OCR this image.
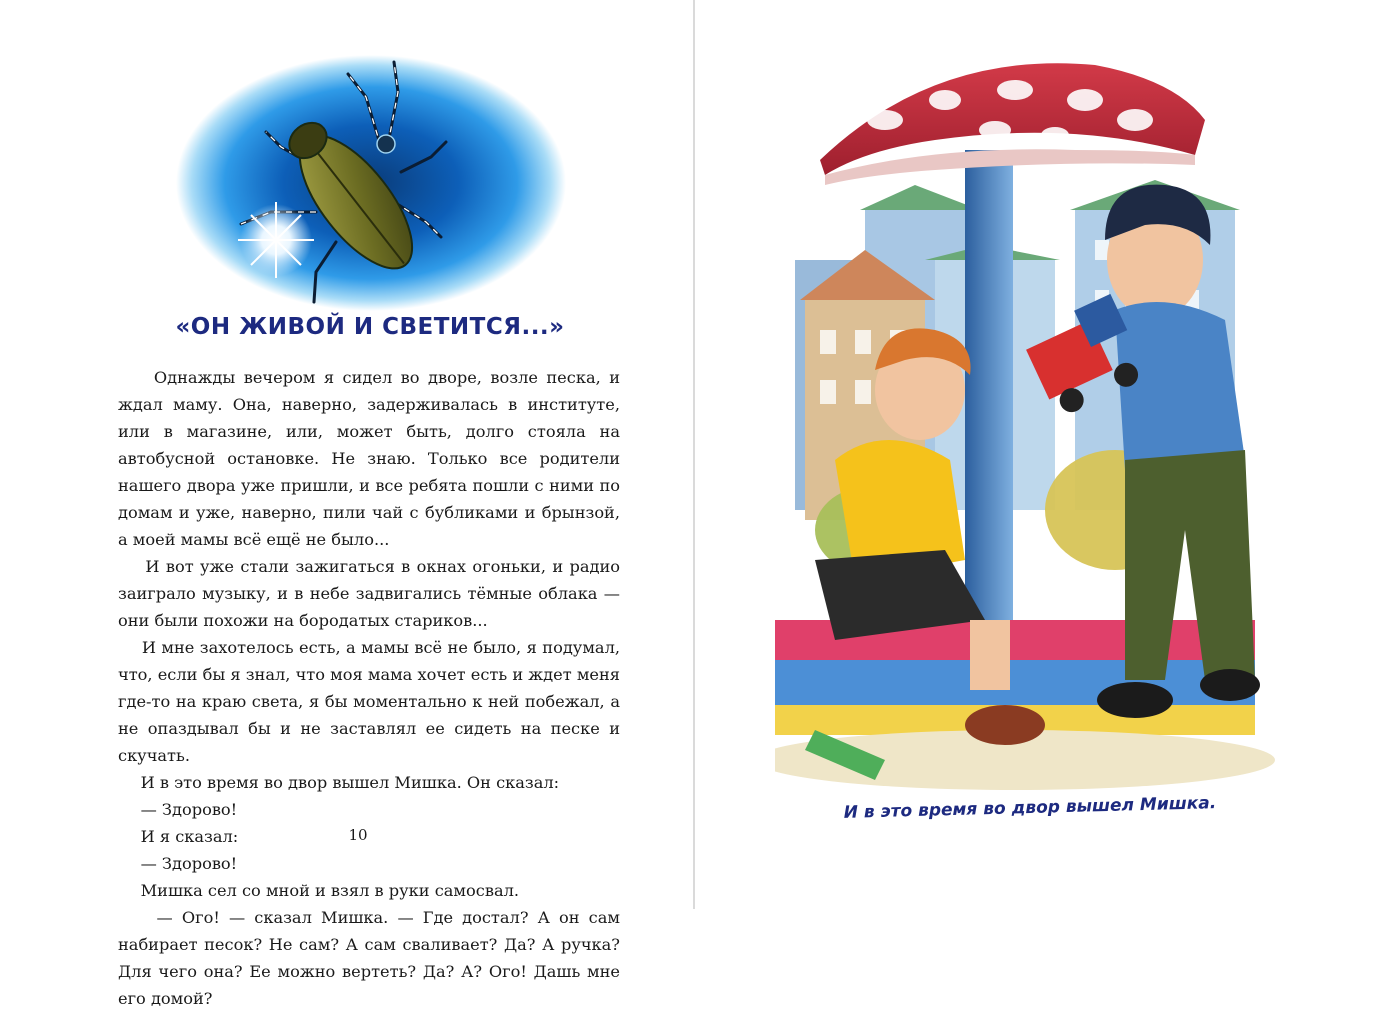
«ОН ЖИВОЙ И СВЕТИТСЯ...»

Однажды вечером я сидел во дворе, возле песка, и ждал маму. Она, наверно, задерживалась в институте, или в магазине, или, может быть, долго стояла на автобусной остановке. Не знаю. Только все родители нашего двора уже пришли, и все ребята пошли с ними по домам и уже, наверно, пили чай с бубликами и брынзой, а моей мамы всё ещё не было...

И вот уже стали зажигаться в окнах огоньки, и радио заиграло музыку, и в небе задвигались тёмные облака — они были похожи на бородатых стариков...

И мне захотелось есть, а мамы всё не было, я подумал, что, если бы я знал, что моя мама хочет есть и ждет меня где-то на краю света, я бы моментально к ней побежал, а не опаздывал бы и не заставлял ее сидеть на песке и скучать.

И в это время во двор вышел Мишка. Он сказал:

— Здорово!

И я сказал:

— Здорово!

Мишка сел со мной и взял в руки самосвал.

— Ого! — сказал Мишка. — Где достал? А он сам набирает песок? Не сам? А сам сваливает? Да? А ручка? Для чего она? Ее можно вертеть? Да? А? Ого! Дашь мне его домой?

10
И в это время во двор вышел Мишка.
